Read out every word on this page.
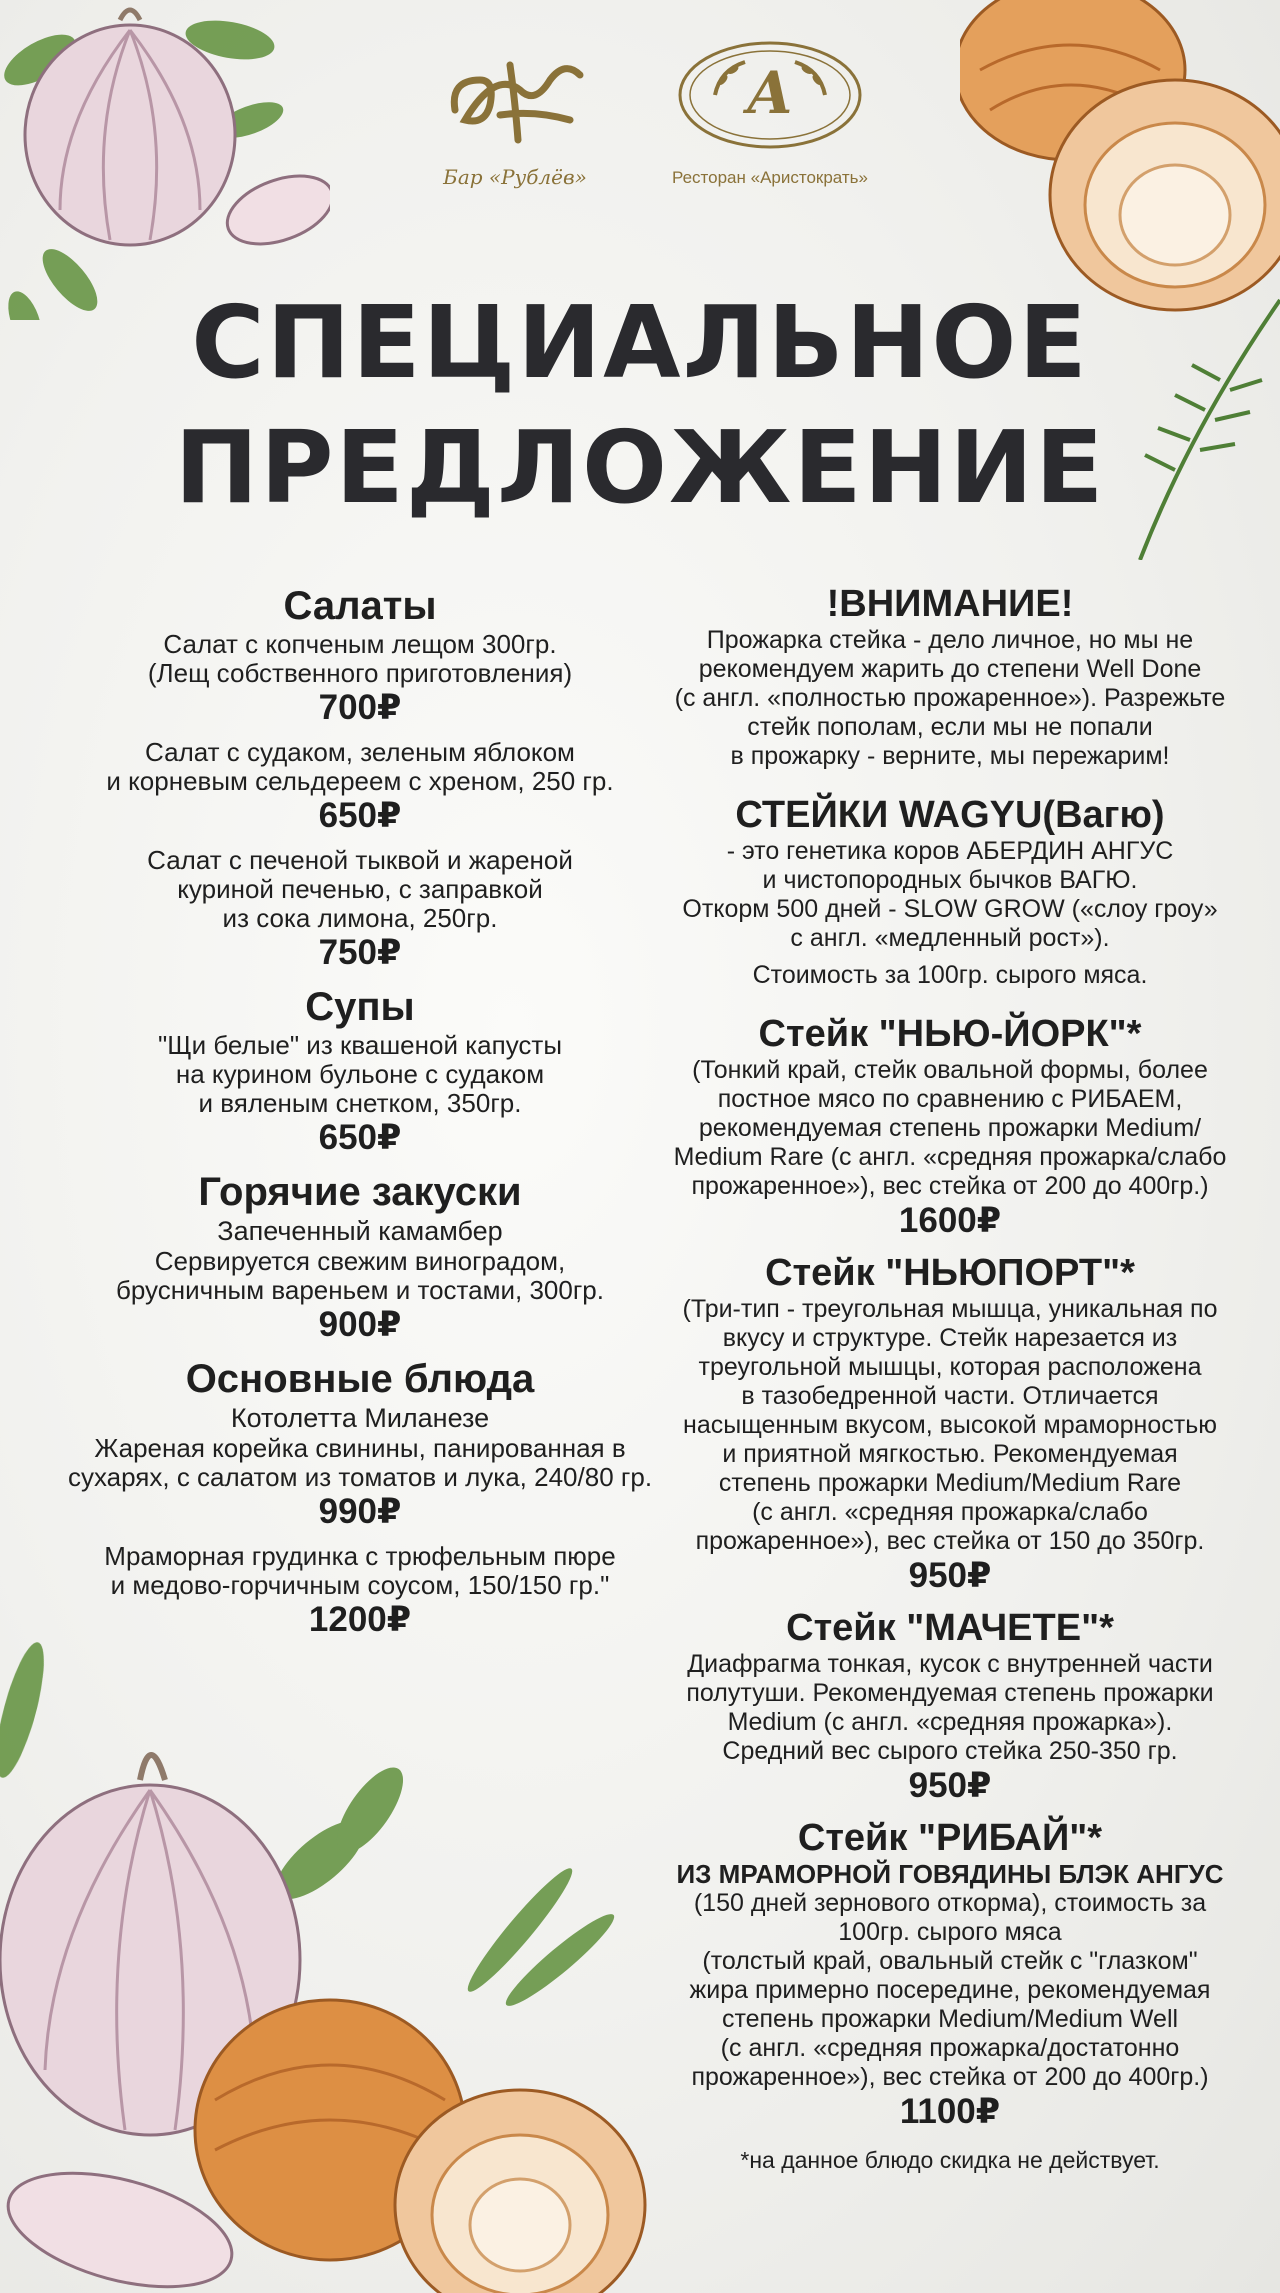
Бар «Рублёв»
А
Ресторан «Аристократь»
СПЕЦИАЛЬНОЕ
ПРЕДЛОЖЕНИЕ
Салаты
Салат с копченым лещом 300гр.
(Лещ собственного приготовления)
700₽
Салат с судаком, зеленым яблоком
и корневым сельдереем с хреном, 250 гр.
650₽
Салат с печеной тыквой и жареной
куриной печенью, с заправкой
из сока лимона, 250гр.
750₽
Супы
"Щи белые" из квашеной капусты
на курином бульоне с судаком
и вяленым снетком, 350гр.
650₽
Горячие закуски
Запеченный камамбер
Сервируется свежим виноградом,
брусничным вареньем и тостами, 300гр.
900₽
Основные блюда
Котолетта Миланезе
Жареная корейка свинины, панированная в
сухарях, с салатом из томатов и лука, 240/80 гр.
990₽
Мраморная грудинка с трюфельным пюре
и медово-горчичным соусом, 150/150 гр."
1200₽
!ВНИМАНИЕ!
Прожарка стейка - дело личное, но мы не
рекомендуем жарить до степени Well Done
(с англ. «полностью прожаренное»). Разрежьте
стейк пополам, если мы не попали
в прожарку - верните, мы пережарим!
СТЕЙКИ WAGYU(Вагю)
- это генетика коров АБЕРДИН АНГУС
и чистопородных бычков ВАГЮ.
Откорм 500 дней - SLOW GROW («слоу гроу»
с англ. «медленный рост»).
Стоимость за 100гр. сырого мяса.
Стейк "НЬЮ-ЙОРК"*
(Тонкий край, стейк овальной формы, более
постное мясо по сравнению с РИБАЕМ,
рекомендуемая степень прожарки Medium/
Medium Rare (с англ. «средняя прожарка/слабо
прожаренное»), вес стейка от 200 до 400гр.)
1600₽
Стейк "НЬЮПОРТ"*
(Три-тип - треугольная мышца, уникальная по
вкусу и структуре. Стейк нарезается из
треугольной мышцы, которая расположена
в тазобедренной части. Отличается
насыщенным вкусом, высокой мраморностью
и приятной мягкостью. Рекомендуемая
степень прожарки Medium/Medium Rare
(с англ. «средняя прожарка/слабо
прожаренное»), вес стейка от 150 до 350гр.
950₽
Стейк "МАЧЕТЕ"*
Диафрагма тонкая, кусок с внутренней части
полутуши. Рекомендуемая степень прожарки
Medium (с англ. «средняя прожарка»).
Средний вес сырого стейка 250-350 гр.
950₽
Стейк "РИБАЙ"*
ИЗ МРАМОРНОЙ ГОВЯДИНЫ БЛЭК АНГУС
(150 дней зернового откорма), стоимость за
100гр. сырого мяса
(толстый край, овальный стейк с "глазком"
жира примерно посередине, рекомендуемая
степень прожарки Medium/Medium Well
(с англ. «средняя прожарка/достатонно
прожаренное»), вес стейка от 200 до 400гр.)
1100₽
*на данное блюдо скидка не действует.
